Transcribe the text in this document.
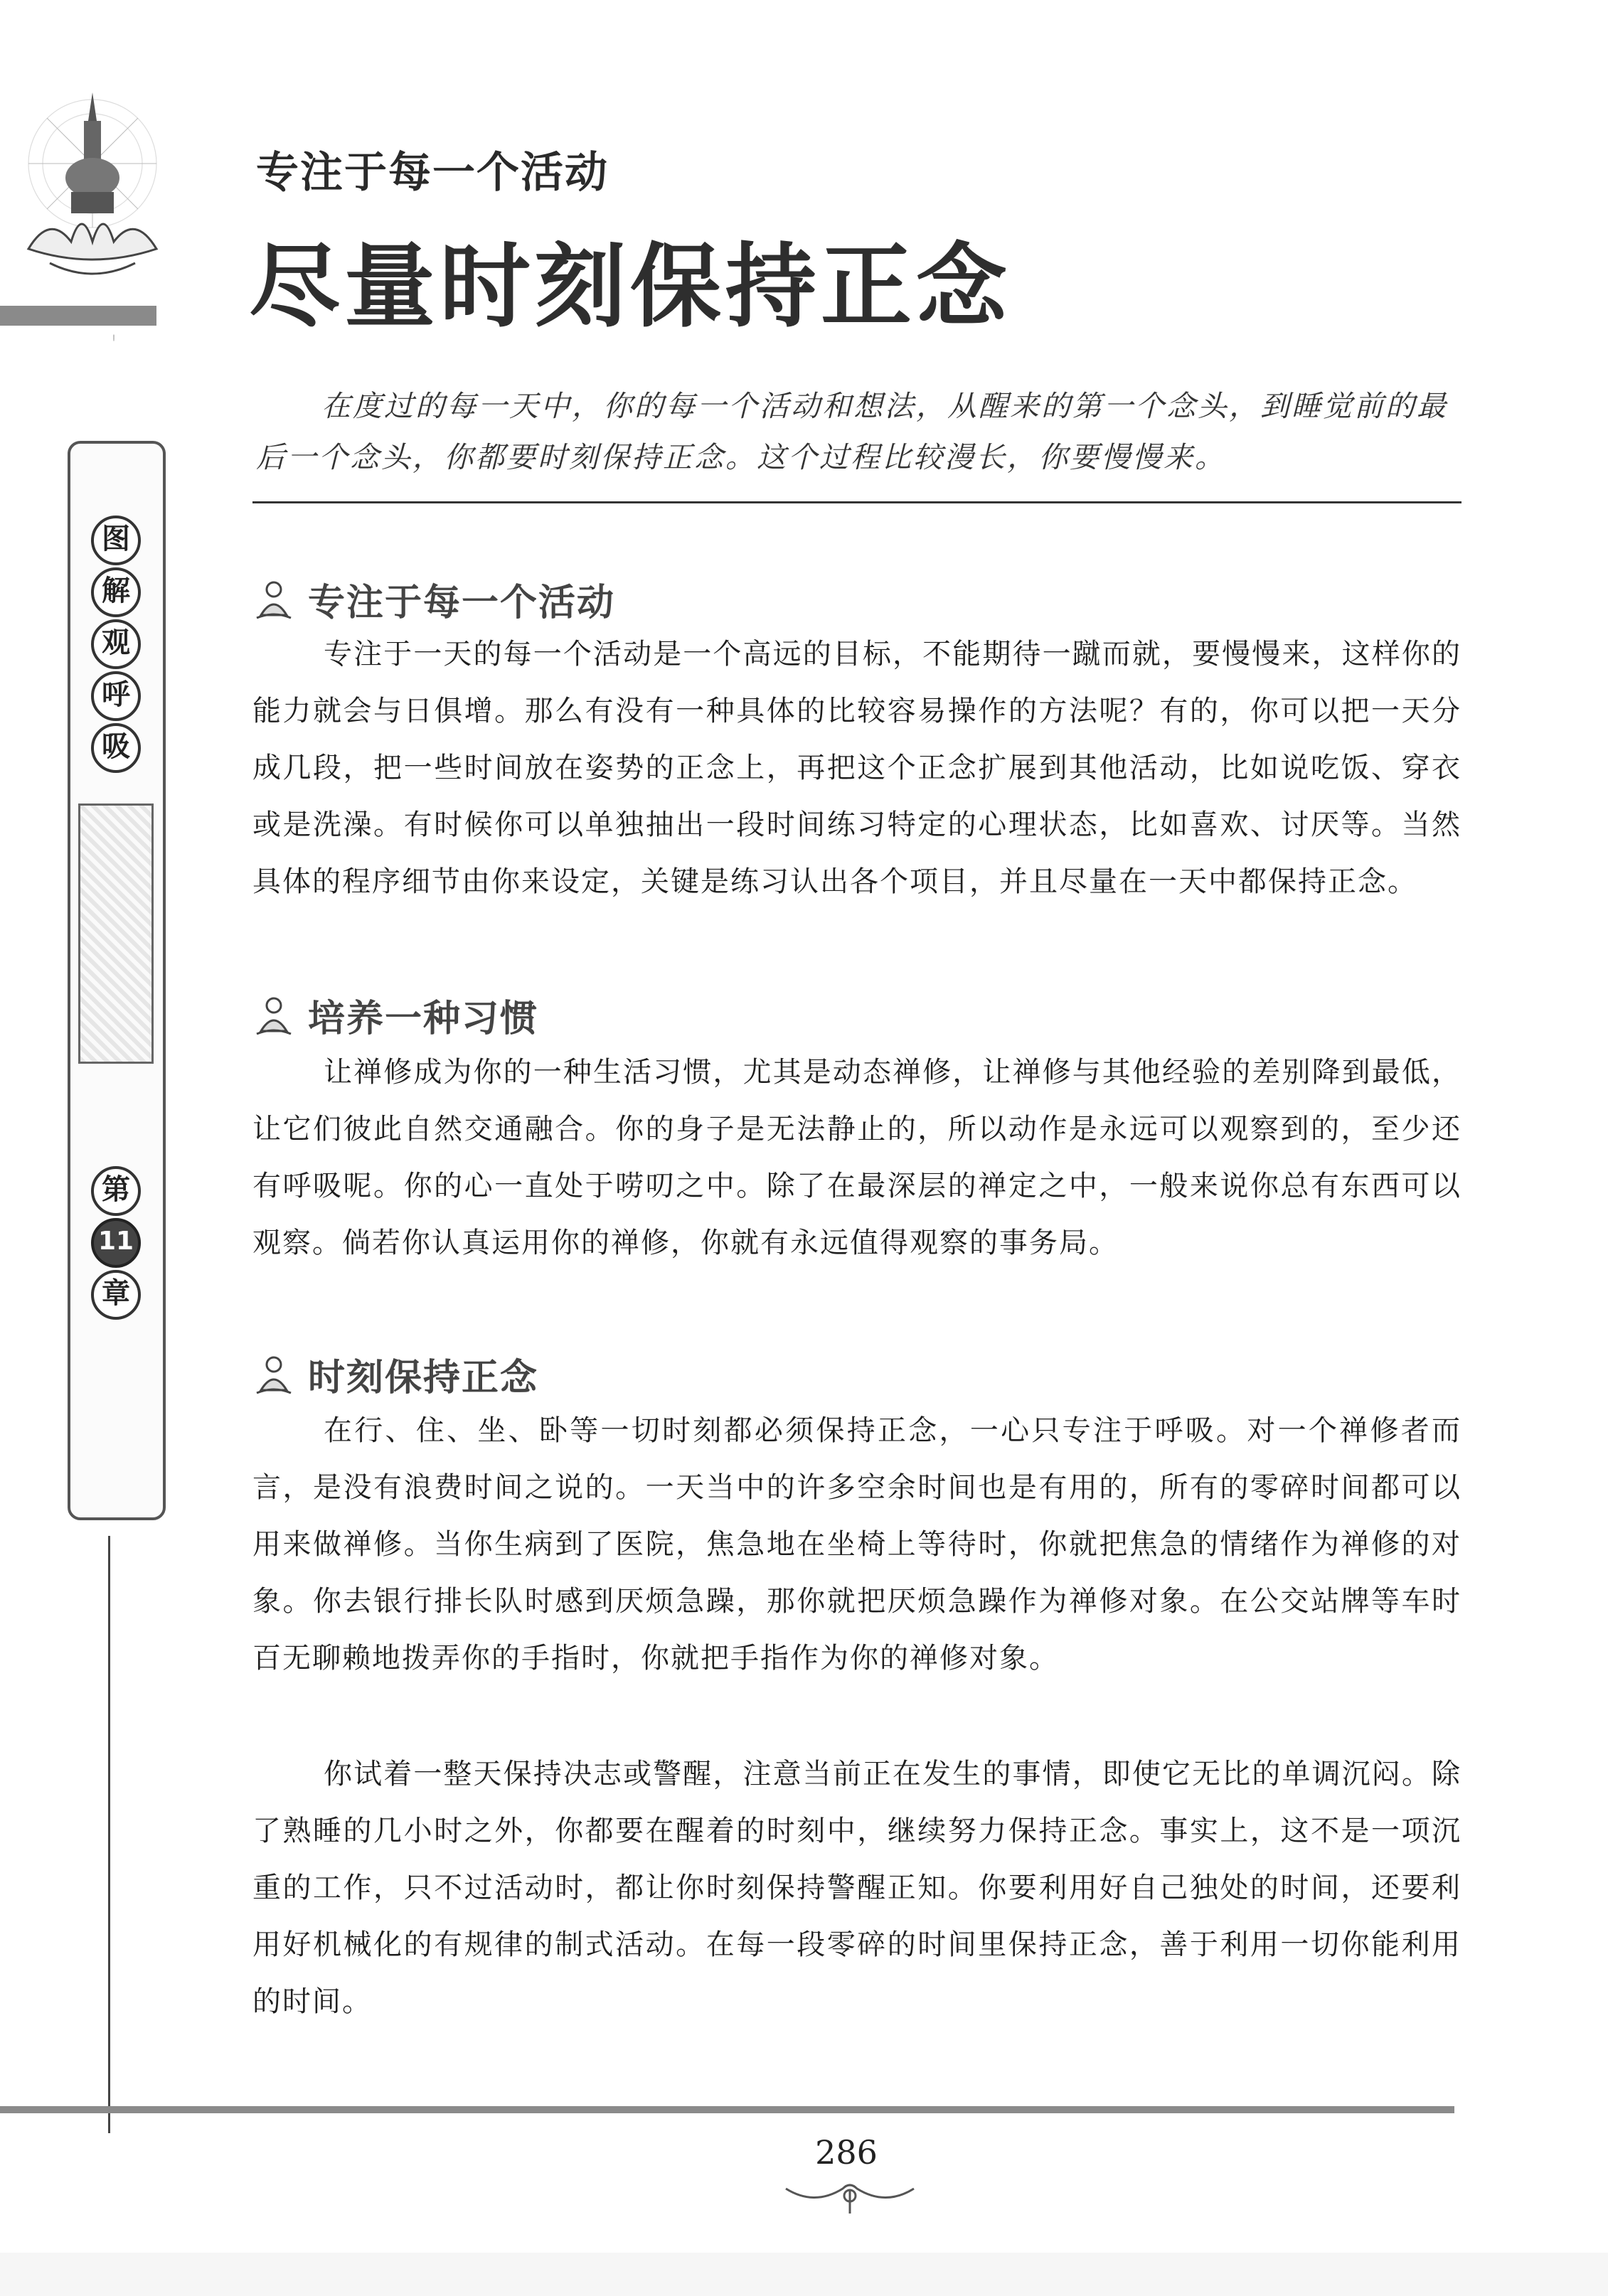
图
解
观
呼
吸
第
11
章
专注于每一个活动
尽量时刻保持正念
在度过的每一天中，你的每一个活动和想法，从醒来的第一个念头，到睡觉前的最后一个念头，你都要时刻保持正念。这个过程比较漫长，你要慢慢来。
专注于每一个活动
专注于一天的每一个活动是一个高远的目标，不能期待一蹴而就，要慢慢来，这样你的能力就会与日俱增。那么有没有一种具体的比较容易操作的方法呢？有的，你可以把一天分成几段，把一些时间放在姿势的正念上，再把这个正念扩展到其他活动，比如说吃饭、穿衣或是洗澡。有时候你可以单独抽出一段时间练习特定的心理状态，比如喜欢、讨厌等。当然具体的程序细节由你来设定，关键是练习认出各个项目，并且尽量在一天中都保持正念。
培养一种习惯
让禅修成为你的一种生活习惯，尤其是动态禅修，让禅修与其他经验的差别降到最低，让它们彼此自然交通融合。你的身子是无法静止的，所以动作是永远可以观察到的，至少还有呼吸呢。你的心一直处于唠叨之中。除了在最深层的禅定之中，一般来说你总有东西可以观察。倘若你认真运用你的禅修，你就有永远值得观察的事务局。
时刻保持正念
在行、住、坐、卧等一切时刻都必须保持正念，一心只专注于呼吸。对一个禅修者而言，是没有浪费时间之说的。一天当中的许多空余时间也是有用的，所有的零碎时间都可以用来做禅修。当你生病到了医院，焦急地在坐椅上等待时，你就把焦急的情绪作为禅修的对象。你去银行排长队时感到厌烦急躁，那你就把厌烦急躁作为禅修对象。在公交站牌等车时百无聊赖地拨弄你的手指时，你就把手指作为你的禅修对象。
你试着一整天保持决志或警醒，注意当前正在发生的事情，即使它无比的单调沉闷。除了熟睡的几小时之外，你都要在醒着的时刻中，继续努力保持正念。事实上，这不是一项沉重的工作，只不过活动时，都让你时刻保持警醒正知。你要利用好自己独处的时间，还要利用好机械化的有规律的制式活动。在每一段零碎的时间里保持正念，善于利用一切你能利用的时间。
286
